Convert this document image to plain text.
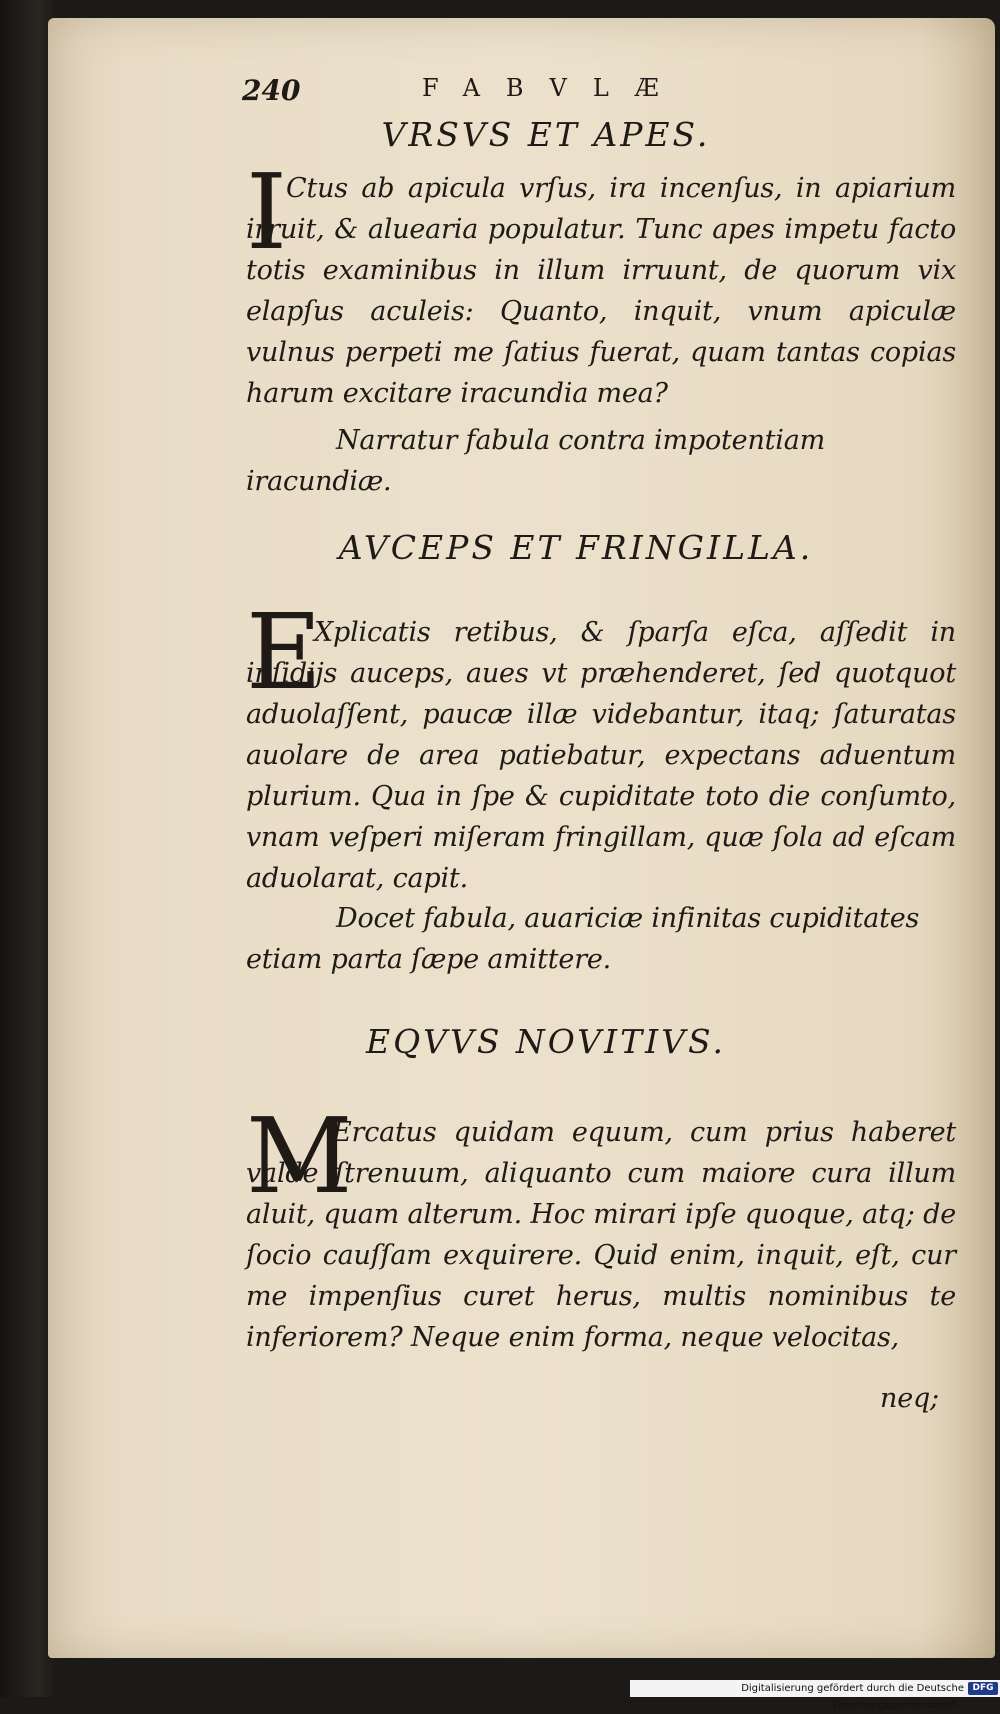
240	FABVLÆ
VRSVS ET APES.
I
Ctus ab apicula vrſus, ira incenſus, in apiarium irruit, & aluearia populatur. Tunc apes impetu facto totis examinibus in illum irruunt, de quorum vix elapſus aculeis: Quanto, inquit, vnum apiculæ vulnus perpeti me ſatius fuerat, quam tantas copias harum excitare iracundia mea?
Narratur fabula contra impotentiam iracundiæ.
AVCEPS ET FRINGILLA.
E
Xplicatis retibus, & ſparſa eſca, aſſedit in inſidijs auceps, aues vt præhenderet, ſed quotquot aduolaſſent, paucæ illæ videbantur, itaq; ſaturatas auolare de area patiebatur, expectans aduentum plurium. Qua in ſpe & cupiditate toto die conſumto, vnam veſperi miſeram fringillam, quæ ſola ad eſcam aduolarat, capit.
Docet fabula, auariciæ infinitas cupiditates etiam parta ſæpe amittere.
EQVVS NOVITIVS.
M
Ercatus quidam equum, cum prius haberet valde ſtrenuum, aliquanto cum maiore cura illum aluit, quam alterum. Hoc mirari ipſe quoque, atq; de ſocio cauſſam exquirere. Quid enim, inquit, eſt, cur me impenſius curet herus, multis nominibus te inferiorem? Neque enim forma, neque velocitas,
neq;
Digitalisierung gefördert durch die Deutsche Forschungsgemeinschaft ·
DFG
